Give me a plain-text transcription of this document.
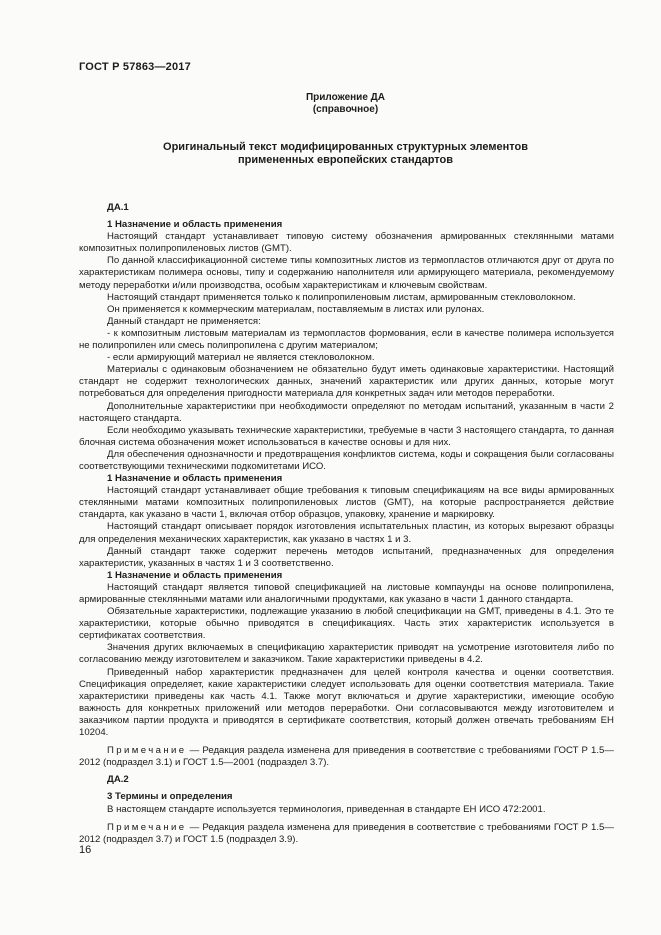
ГОСТ Р 57863—2017
Приложение ДА
(справочное)
Оригинальный текст модифицированных структурных элементов
примененных европейских стандартов

ДА.1

1 Назначение и область применения

Настоящий стандарт устанавливает типовую систему обозначения армированных стеклянными матами композитных полипропиленовых листов (GMT).

По данной классификационной системе типы композитных листов из термопластов отличаются друг от друга по характеристикам полимера основы, типу и содержанию наполнителя или армирующего материала, рекомендуемому методу переработки и/или производства, особым характеристикам и ключевым свойствам.

Настоящий стандарт применяется только к полипропиленовым листам, армированным стекловолокном.

Он применяется к коммерческим материалам, поставляемым в листах или рулонах.

Данный стандарт не применяется:

- к композитным листовым материалам из термопластов формования, если в качестве полимера используется не полипропилен или смесь полипропилена с другим материалом;

- если армирующий материал не является стекловолокном.

Материалы с одинаковым обозначением не обязательно будут иметь одинаковые характеристики. Настоящий стандарт не содержит технологических данных, значений характеристик или других данных, которые могут потребоваться для определения пригодности материала для конкретных задач или методов переработки.

Дополнительные характеристики при необходимости определяют по методам испытаний, указанным в части 2 настоящего стандарта.

Если необходимо указывать технические характеристики, требуемые в части 3 настоящего стандарта, то данная блочная система обозначения может использоваться в качестве основы и для них.

Для обеспечения однозначности и предотвращения конфликтов система, коды и сокращения были согласованы соответствующими техническими подкомитетами ИСО.

1 Назначение и область применения

Настоящий стандарт устанавливает общие требования к типовым спецификациям на все виды армированных стеклянными матами композитных полипропиленовых листов (GMT), на которые распространяется действие стандарта, как указано в части 1, включая отбор образцов, упаковку, хранение и маркировку.

Настоящий стандарт описывает порядок изготовления испытательных пластин, из которых вырезают образцы для определения механических характеристик, как указано в частях 1 и 3.

Данный стандарт также содержит перечень методов испытаний, предназначенных для определения характеристик, указанных в частях 1 и 3 соответственно.

1 Назначение и область применения

Настоящий стандарт является типовой спецификацией на листовые компаунды на основе полипропилена, армированные стеклянными матами или аналогичными продуктами, как указано в части 1 данного стандарта.

Обязательные характеристики, подлежащие указанию в любой спецификации на GMT, приведены в 4.1. Это те характеристики, которые обычно приводятся в спецификациях. Часть этих характеристик используется в сертификатах соответствия.

Значения других включаемых в спецификацию характеристик приводят на усмотрение изготовителя либо по согласованию между изготовителем и заказчиком. Такие характеристики приведены в 4.2.

Приведенный набор характеристик предназначен для целей контроля качества и оценки соответствия. Спецификация определяет, какие характеристики следует использовать для оценки соответствия материала. Такие характеристики приведены как часть 4.1. Также могут включаться и другие характеристики, имеющие особую важность для конкретных приложений или методов переработки. Они согласовываются между изготовителем и заказчиком партии продукта и приводятся в сертификате соответствия, который должен отвечать требованиям ЕН 10204.

Примечание — Редакция раздела изменена для приведения в соответствие с требованиями ГОСТ Р 1.5—2012 (подраздел 3.1) и ГОСТ 1.5—2001 (подраздел 3.7).

ДА.2

3 Термины и определения

В настоящем стандарте используется терминология, приведенная в стандарте ЕН ИСО 472:2001.

Примечание — Редакция раздела изменена для приведения в соответствие с требованиями ГОСТ Р 1.5—2012 (подраздел 3.7) и ГОСТ 1.5 (подраздел 3.9).

16
